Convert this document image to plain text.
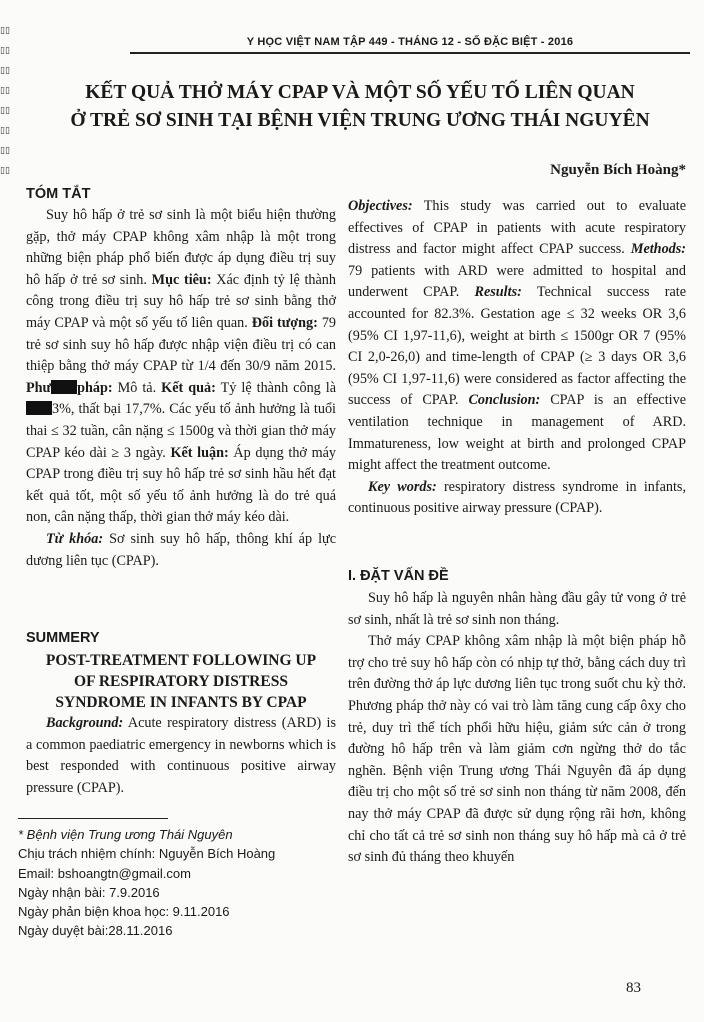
Y HỌC VIỆT NAM TẬP 449 - THÁNG 12 - SỐ ĐẶC BIỆT - 2016
▯▯
▯▯
▯▯
▯▯
▯▯
▯▯
▯▯
▯▯
KẾT QUẢ THỞ MÁY CPAP VÀ MỘT SỐ YẾU TỐ LIÊN QUAN
Ở TRẺ SƠ SINH TẠI BỆNH VIỆN TRUNG ƯƠNG THÁI NGUYÊN
Nguyễn Bích Hoàng*
TÓM TẮT

Suy hô hấp ở trẻ sơ sinh là một biểu hiện thường gặp, thở máy CPAP không xâm nhập là một trong những biện pháp phổ biến được áp dụng điều trị suy hô hấp ở trẻ sơ sinh. Mục tiêu: Xác định tỷ lệ thành công trong điều trị suy hô hấp trẻ sơ sinh bằng thở máy CPAP và một số yếu tố liên quan. Đối tượng: 79 trẻ sơ sinh suy hô hấp được nhập viện điều trị có can thiệp bằng thở máy CPAP từ 1/4 đến 30/9 năm 2015. Phư pháp: Mô tả. Kết quả: Tỷ lệ thành công là3%, thất bại 17,7%. Các yếu tố ảnh hưởng là tuổi thai ≤ 32 tuần, cân nặng ≤ 1500g và thời gian thở máy CPAP kéo dài ≥ 3 ngày. Kết luận: Áp dụng thở máy CPAP trong điều trị suy hô hấp trẻ sơ sinh hầu hết đạt kết quả tốt, một số yếu tố ảnh hưởng là do trẻ quá non, cân nặng thấp, thời gian thở máy kéo dài.

Từ khóa: Sơ sinh suy hô hấp, thông khí áp lực dương liên tục (CPAP).

SUMMERY
POST-TREATMENT FOLLOWING UP
OF RESPIRATORY DISTRESS
SYNDROME IN INFANTS BY CPAP

Background: Acute respiratory distress (ARD) is a common paediatric emergency in newborns which is best responded with continuous positive airway pressure (CPAP).

* Bệnh viện Trung ương Thái Nguyên
Chịu trách nhiệm chính: Nguyễn Bích Hoàng
Email: bshoangtn@gmail.com
Ngày nhận bài: 7.9.2016
Ngày phản biện khoa học: 9.11.2016
Ngày duyệt bài:28.11.2016

Objectives: This study was carried out to evaluate effectives of CPAP in patients with acute respiratory distress and factor might affect CPAP success. Methods: 79 patients with ARD were admitted to hospital and underwent CPAP. Results: Technical success rate accounted for 82.3%. Gestation age ≤ 32 weeks OR 3,6 (95% CI 1,97-11,6), weight at birth ≤ 1500gr OR 7 (95% CI 2,0-26,0) and time-length of CPAP (≥ 3 days OR 3,6 (95% CI 1,97-11,6) were considered as factor affecting the success of CPAP. Conclusion: CPAP is an effective ventilation technique in management of ARD. Immatureness, low weight at birth and prolonged CPAP might affect the treatment outcome.

Key words: respiratory distress syndrome in infants, continuous positive airway pressure (CPAP).

I. ĐẶT VẤN ĐỀ

Suy hô hấp là nguyên nhân hàng đầu gây tử vong ở trẻ sơ sinh, nhất là trẻ sơ sinh non tháng.

Thở máy CPAP không xâm nhập là một biện pháp hỗ trợ cho trẻ suy hô hấp còn có nhịp tự thở, bằng cách duy trì trên đường thở áp lực dương liên tục trong suốt chu kỳ thở. Phương pháp thở này có vai trò làm tăng cung cấp ôxy cho trẻ, duy trì thể tích phổi hữu hiệu, giảm sức cản ở trong đường hô hấp trên và làm giảm cơn ngừng thở do tắc nghẽn. Bệnh viện Trung ương Thái Nguyên đã áp dụng điều trị cho một số trẻ sơ sinh non tháng từ năm 2008, đến nay thở máy CPAP đã được sử dụng rộng rãi hơn, không chỉ cho tất cả trẻ sơ sinh non tháng suy hô hấp mà cả ở trẻ sơ sinh đủ tháng theo khuyến

83
